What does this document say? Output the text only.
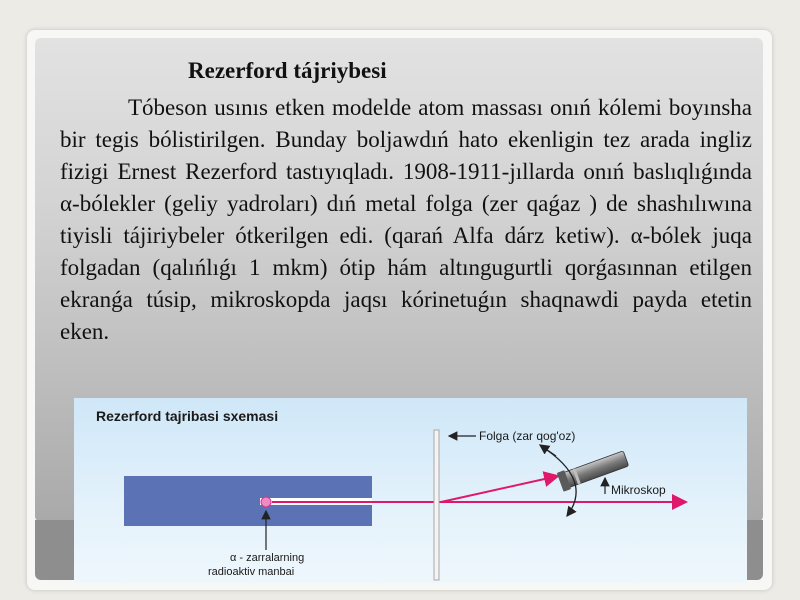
Rezerford tájriybesi

Tóbeson usınıs etken modelde atom massası onıń kólemi boyınsha bir tegis bólistirilgen. Bunday boljawdıń hato ekenligin tez arada ingliz fizigi Ernest Rezerford tastıyıqladı. 1908-1911-jıllarda onıń baslıqlıǵında α-bólekler (geliy yadroları) dıń metal folga (zer qaǵaz ) de shashılıwına tiyisli tájiriybeler ótkerilgen edi. (qarań Alfa dárz ketiw). α-bólek juqa folgadan (qalıńlıǵı 1 mkm) ótip hám altıngugurtli qorǵasınnan etilgen ekranǵa túsip, mikroskopda jaqsı kórinetuǵın shaqnawdi payda etetin eken.

Rezerford tajribasi sxemasi
Folga (zar qog'oz)
Mikroskop
α - zarralarning
radioaktiv manbai
